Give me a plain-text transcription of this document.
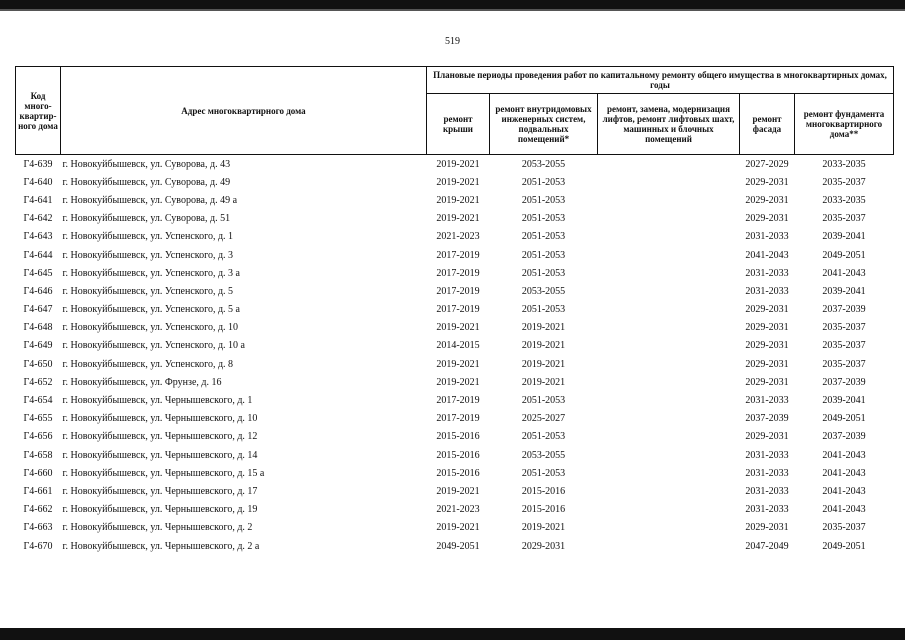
519
Код много-квартир-ного дома	Адрес многоквартирного дома	Плановые периоды проведения работ по капитальному ремонту общего имущества в многоквартирных домах, годы				
		ремонт крыши	ремонт внутридомовых инженерных систем, подвальных помещений*	ремонт, замена, модернизация лифтов, ремонт лифтовых шахт, машинных и блочных помещений	ремонт фасада	ремонт фундамента многоквартирного дома**
Г4-639	г. Новокуйбышевск, ул. Суворова, д. 43	2019-2021	2053-2055		2027-2029	2033-2035
Г4-640	г. Новокуйбышевск, ул. Суворова, д. 49	2019-2021	2051-2053		2029-2031	2035-2037
Г4-641	г. Новокуйбышевск, ул. Суворова, д. 49 а	2019-2021	2051-2053		2029-2031	2033-2035
Г4-642	г. Новокуйбышевск, ул. Суворова, д. 51	2019-2021	2051-2053		2029-2031	2035-2037
Г4-643	г. Новокуйбышевск, ул. Успенского, д. 1	2021-2023	2051-2053		2031-2033	2039-2041
Г4-644	г. Новокуйбышевск, ул. Успенского, д. 3	2017-2019	2051-2053		2041-2043	2049-2051
Г4-645	г. Новокуйбышевск, ул. Успенского, д. 3 а	2017-2019	2051-2053		2031-2033	2041-2043
Г4-646	г. Новокуйбышевск, ул. Успенского, д. 5	2017-2019	2053-2055		2031-2033	2039-2041
Г4-647	г. Новокуйбышевск, ул. Успенского, д. 5 а	2017-2019	2051-2053		2029-2031	2037-2039
Г4-648	г. Новокуйбышевск, ул. Успенского, д. 10	2019-2021	2019-2021		2029-2031	2035-2037
Г4-649	г. Новокуйбышевск, ул. Успенского, д. 10 а	2014-2015	2019-2021		2029-2031	2035-2037
Г4-650	г. Новокуйбышевск, ул. Успенского, д. 8	2019-2021	2019-2021		2029-2031	2035-2037
Г4-652	г. Новокуйбышевск, ул. Фрунзе, д. 16	2019-2021	2019-2021		2029-2031	2037-2039
Г4-654	г. Новокуйбышевск, ул. Чернышевского, д. 1	2017-2019	2051-2053		2031-2033	2039-2041
Г4-655	г. Новокуйбышевск, ул. Чернышевского, д. 10	2017-2019	2025-2027		2037-2039	2049-2051
Г4-656	г. Новокуйбышевск, ул. Чернышевского, д. 12	2015-2016	2051-2053		2029-2031	2037-2039
Г4-658	г. Новокуйбышевск, ул. Чернышевского, д. 14	2015-2016	2053-2055		2031-2033	2041-2043
Г4-660	г. Новокуйбышевск, ул. Чернышевского, д. 15 а	2015-2016	2051-2053		2031-2033	2041-2043
Г4-661	г. Новокуйбышевск, ул. Чернышевского, д. 17	2019-2021	2015-2016		2031-2033	2041-2043
Г4-662	г. Новокуйбышевск, ул. Чернышевского, д. 19	2021-2023	2015-2016		2031-2033	2041-2043
Г4-663	г. Новокуйбышевск, ул. Чернышевского, д. 2	2019-2021	2019-2021		2029-2031	2035-2037
Г4-670	г. Новокуйбышевск, ул. Чернышевского, д. 2 а	2049-2051	2029-2031		2047-2049	2049-2051
